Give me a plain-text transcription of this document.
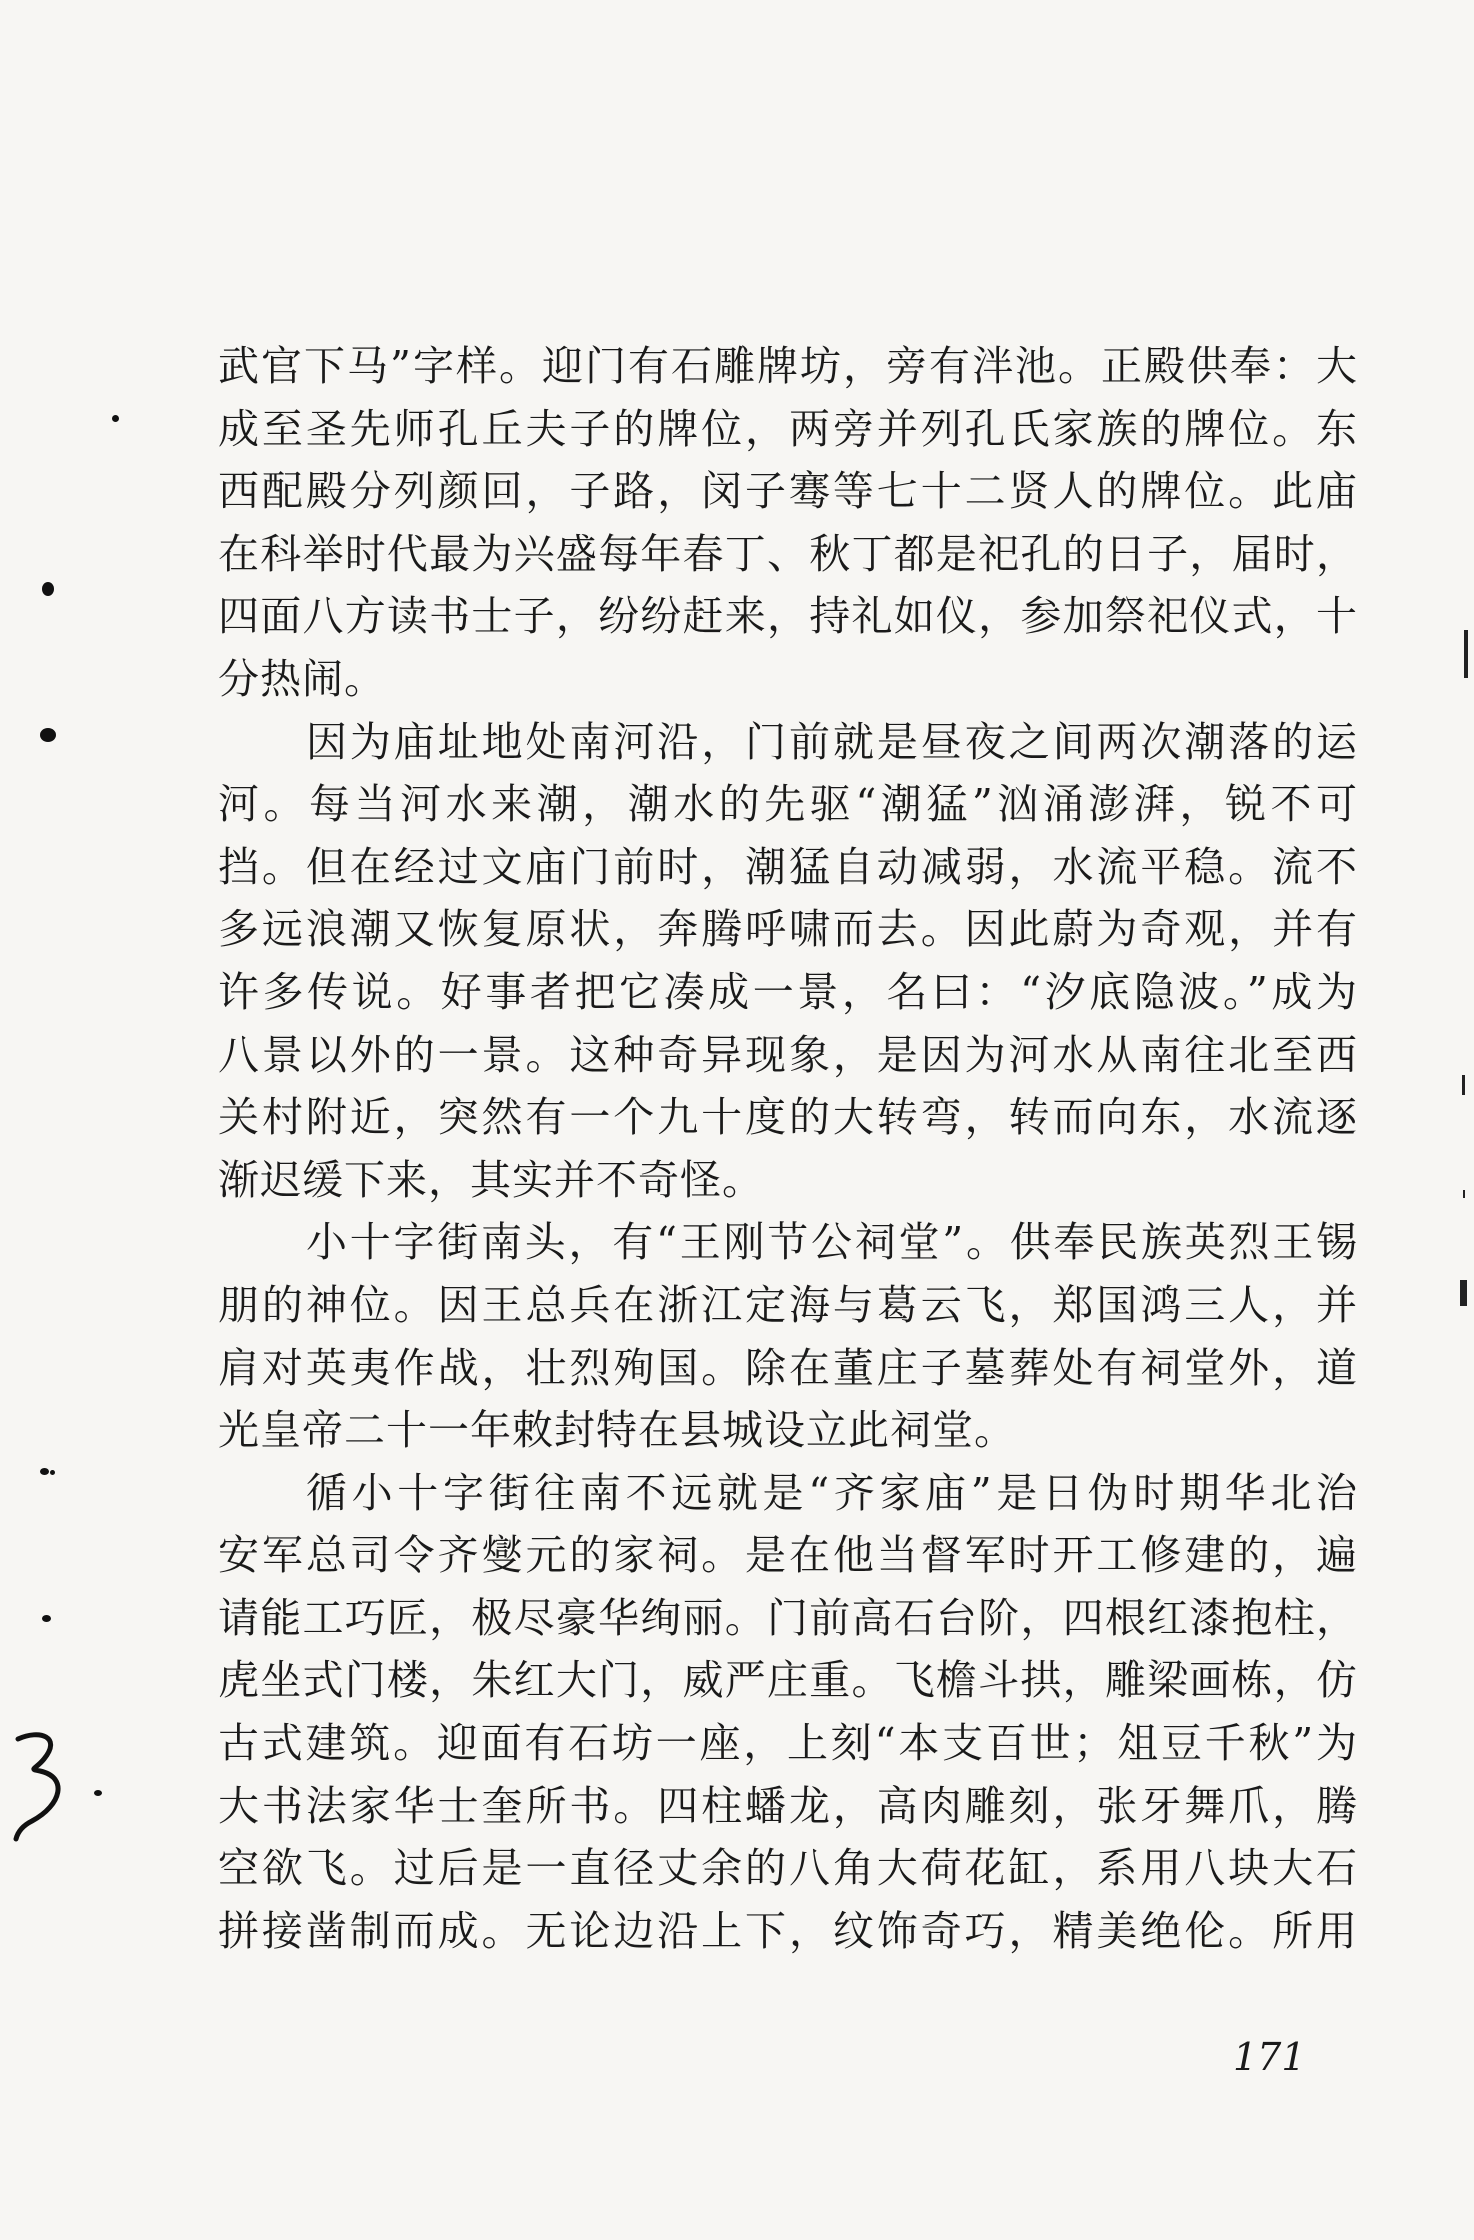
武官下马”字样。迎门有石雕牌坊，旁有泮池。正殿供奉：大
成至圣先师孔丘夫子的牌位，两旁并列孔氏家族的牌位。东
西配殿分列颜回，子路，闵子骞等七十二贤人的牌位。此庙
在科举时代最为兴盛每年春丁、秋丁都是祀孔的日子，届时，
四面八方读书士子，纷纷赶来，持礼如仪，参加祭祀仪式，十
分热闹。
因为庙址地处南河沿，门前就是昼夜之间两次潮落的运
河。每当河水来潮，潮水的先驱“潮猛”汹涌澎湃，锐不可
挡。但在经过文庙门前时，潮猛自动减弱，水流平稳。流不
多远浪潮又恢复原状，奔腾呼啸而去。因此蔚为奇观，并有
许多传说。好事者把它凑成一景，名曰：“汐底隐波。”成为
八景以外的一景。这种奇异现象，是因为河水从南往北至西
关村附近，突然有一个九十度的大转弯，转而向东，水流逐
渐迟缓下来，其实并不奇怪。
小十字街南头，有“王刚节公祠堂”。供奉民族英烈王锡
朋的神位。因王总兵在浙江定海与葛云飞，郑国鸿三人，并
肩对英夷作战，壮烈殉国。除在董庄子墓葬处有祠堂外，道
光皇帝二十一年敕封特在县城设立此祠堂。
循小十字街往南不远就是“齐家庙”是日伪时期华北治
安军总司令齐燮元的家祠。是在他当督军时开工修建的，遍
请能工巧匠，极尽豪华绚丽。门前高石台阶，四根红漆抱柱，
虎坐式门楼，朱红大门，威严庄重。飞檐斗拱，雕梁画栋，仿
古式建筑。迎面有石坊一座，上刻“本支百世；俎豆千秋”为
大书法家华士奎所书。四柱蟠龙，高肉雕刻，张牙舞爪，腾
空欲飞。过后是一直径丈余的八角大荷花缸，系用八块大石
拼接凿制而成。无论边沿上下，纹饰奇巧，精美绝伦。所用
171
